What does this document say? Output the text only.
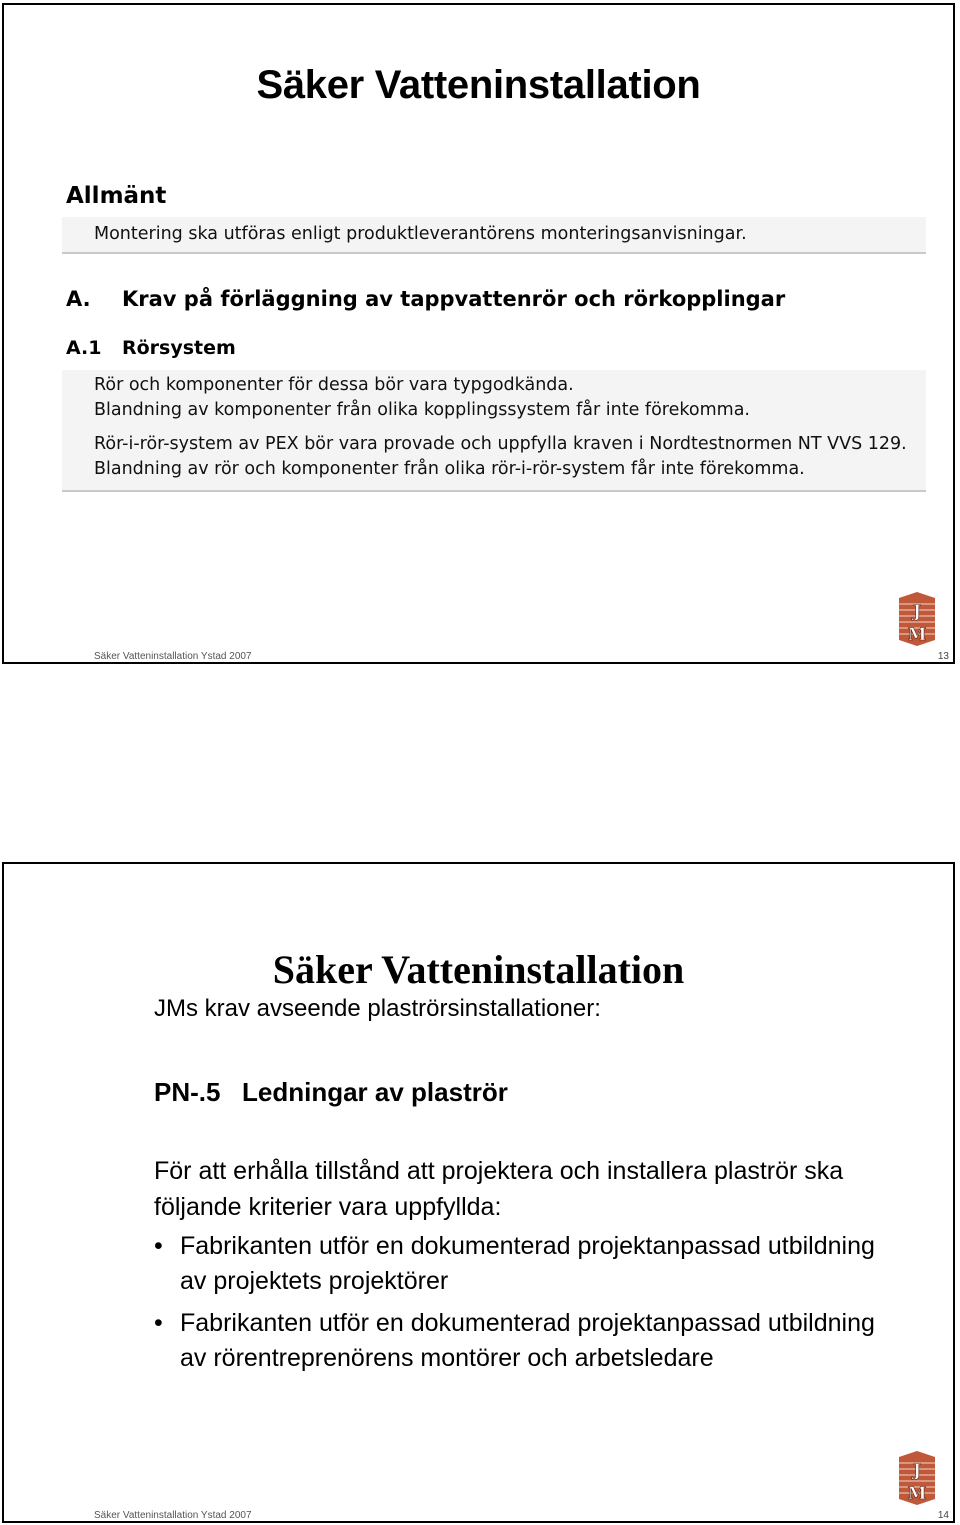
Säker Vatteninstallation
Allmänt

Montering ska utföras enligt produktleverantörens monteringsanvisningar.

A. Krav på förläggning av tappvattenrör och rörkopplingar
A.1 Rörsystem

Rör och komponenter för dessa bör vara typgodkända.

Blandning av komponenter från olika kopplingssystem får inte förekomma.

Rör-i-rör-system av PEX bör vara provade och uppfylla kraven i Nordtestnormen NT VVS 129.

Blandning av rör och komponenter från olika rör-i-rör-system får inte förekomma.

J
M
Säker Vatteninstallation Ystad 2007	13
Säker Vatteninstallation
JMs krav avseende plaströrsinstallationer:
PN-.5 Ledningar av plaströr

För att erhålla tillstånd att projektera och installera plaströr ska följande kriterier vara uppfyllda:

• Fabrikanten utför en dokumenterad projektanpassad utbildning av projektets projektörer
• Fabrikanten utför en dokumenterad projektanpassad utbildning av rörentreprenörens montörer och arbetsledare
J
M
Säker Vatteninstallation Ystad 2007	14
